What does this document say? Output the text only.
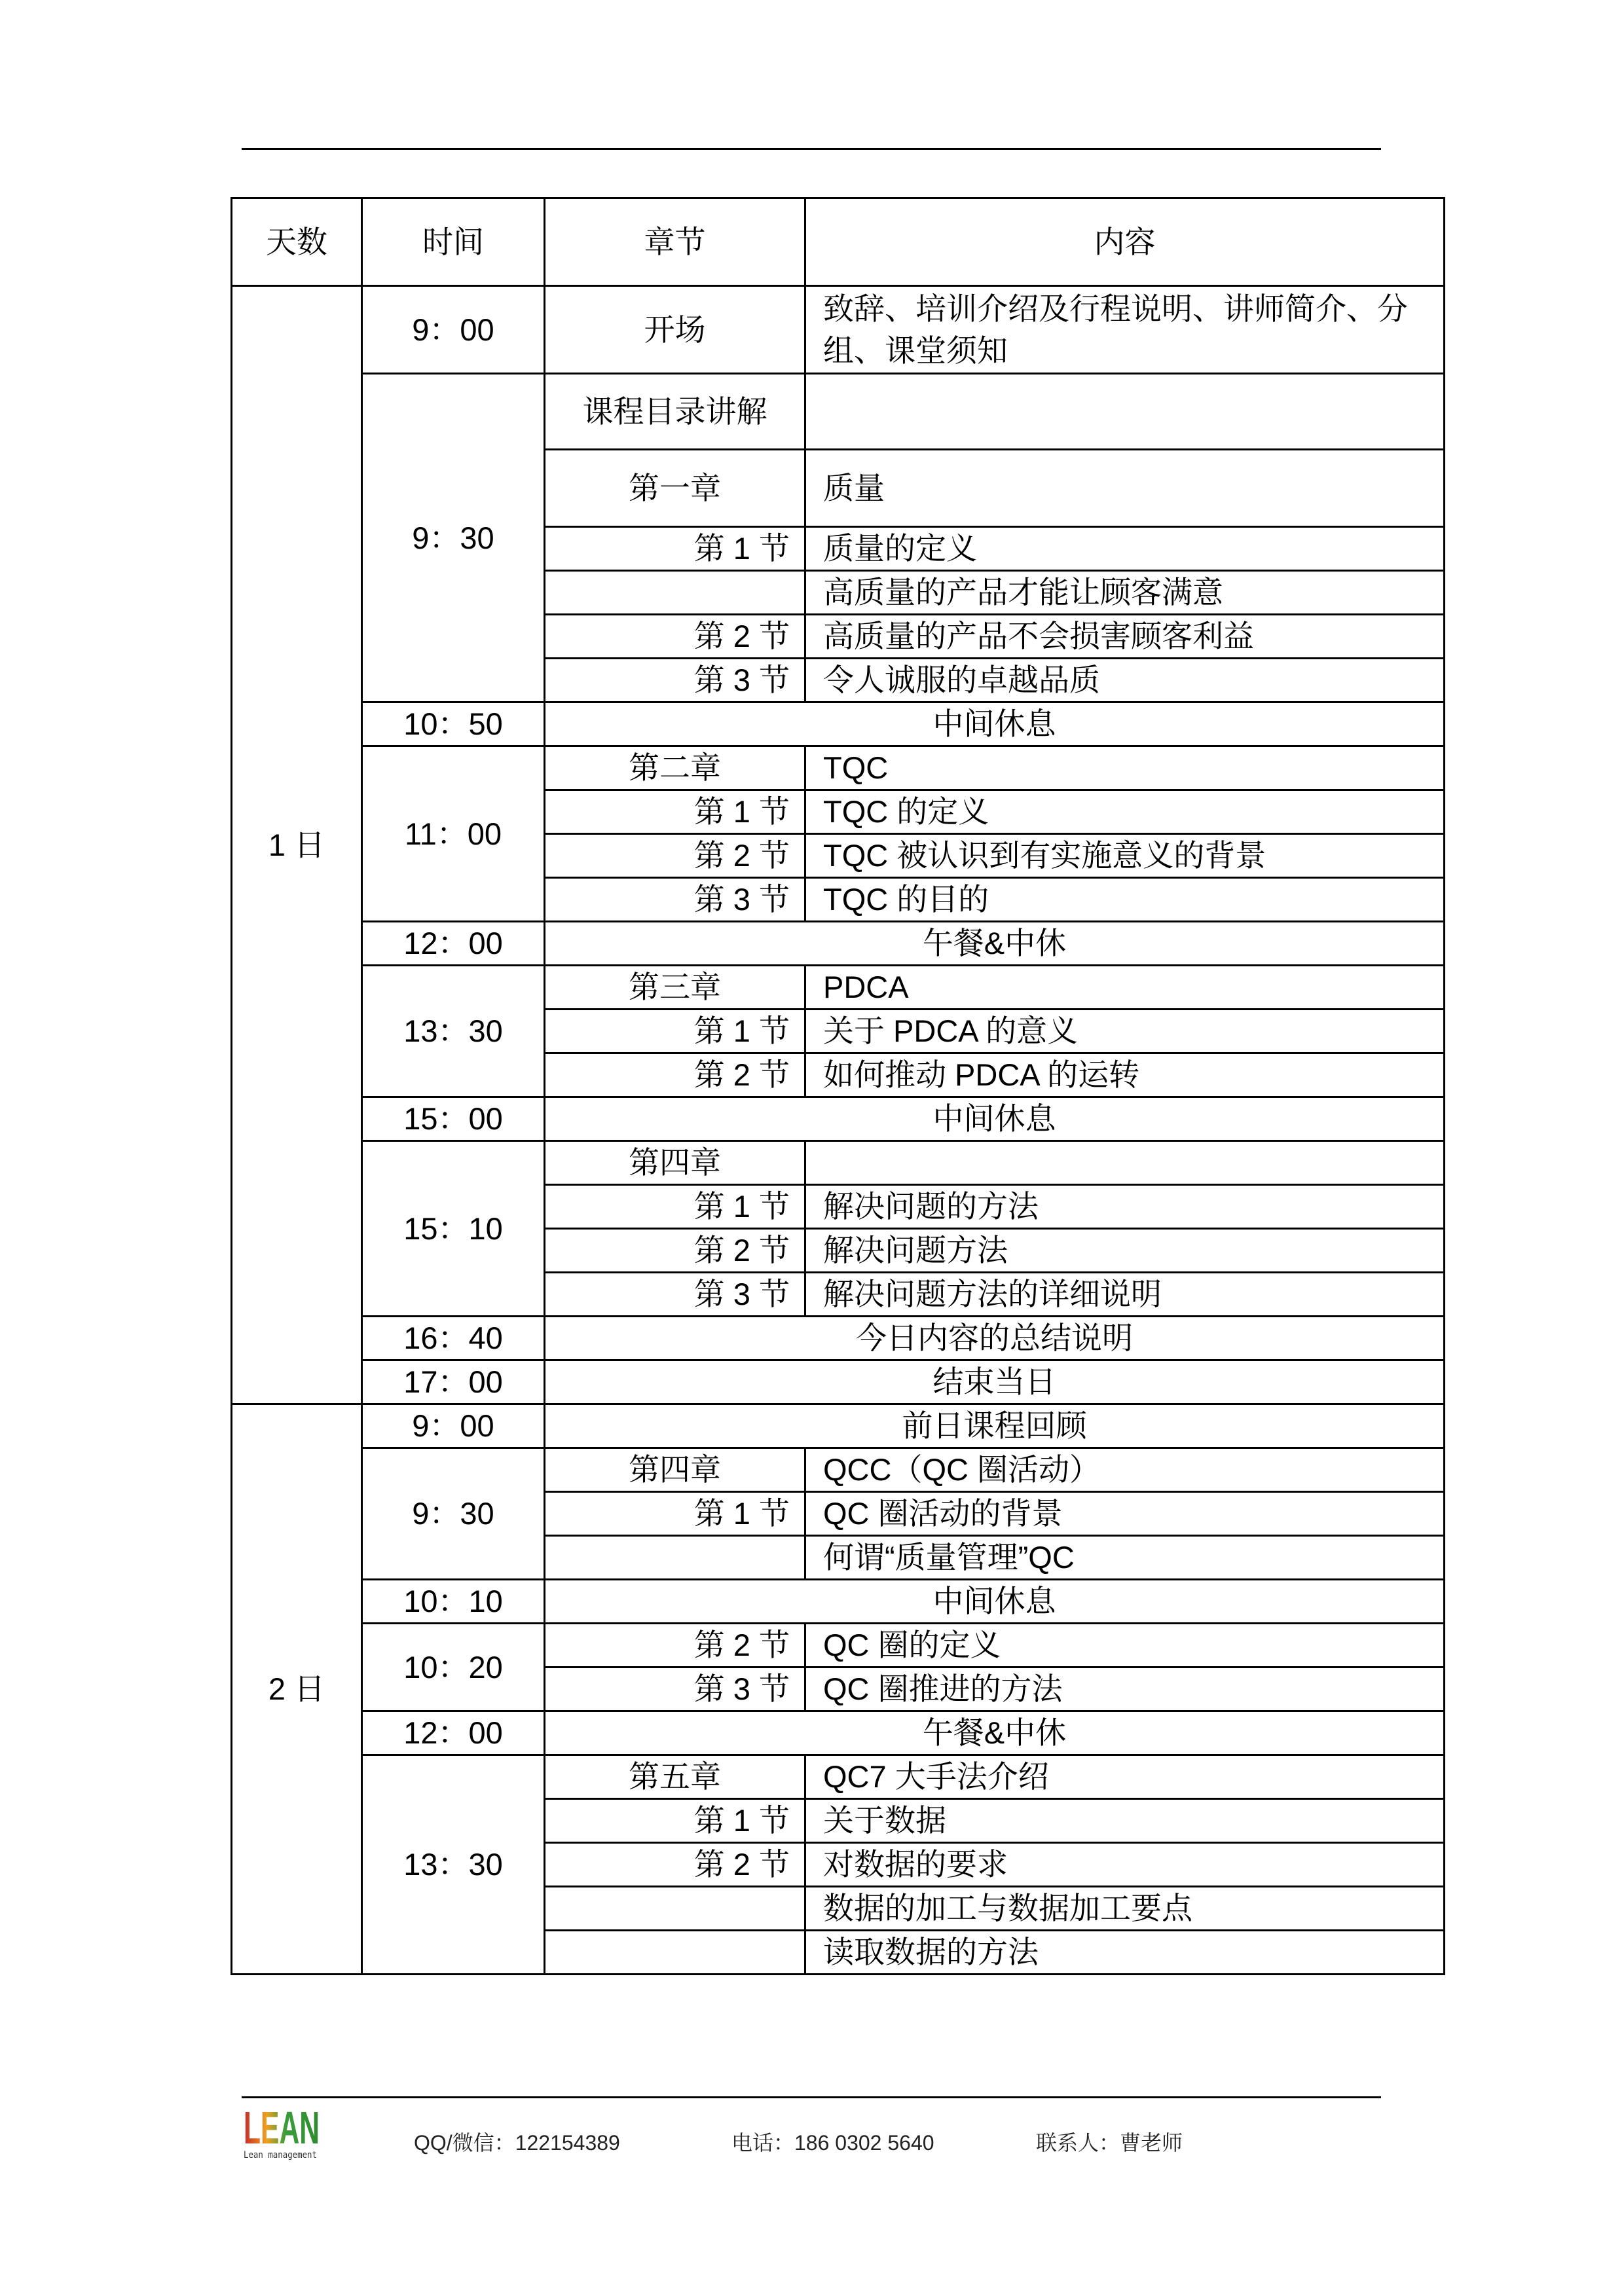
天数	时间	章节	内容
1 日	9：00	开场	致辞、培训介绍及行程说明、讲师简介、分组、课堂须知
	9：30	课程目录讲解	
		第一章	质量
		第 1 节	质量的定义
			高质量的产品才能让顾客满意
		第 2 节	高质量的产品不会损害顾客利益
		第 3 节	令人诚服的卓越品质
	10：50	中间休息	
	11：00	第二章	TQC
		第 1 节	TQC 的定义
		第 2 节	TQC 被认识到有实施意义的背景
		第 3 节	TQC 的目的
	12：00	午餐&中休	
	13：30	第三章	PDCA
		第 1 节	关于 PDCA 的意义
		第 2 节	如何推动 PDCA 的运转
	15：00	中间休息	
	15：10	第四章	
		第 1 节	解决问题的方法
		第 2 节	解决问题方法
		第 3 节	解决问题方法的详细说明
	16：40	今日内容的总结说明	
	17：00	结束当日	
2 日	9：00	前日课程回顾	
	9：30	第四章	QCC（QC 圈活动）
		第 1 节	QC 圈活动的背景
			何谓“质量管理”QC
	10：10	中间休息	
	10：20	第 2 节	QC 圈的定义
		第 3 节	QC 圈推进的方法
	12：00	午餐&中休	
	13：30	第五章	QC7 大手法介绍
		第 1 节	关于数据
		第 2 节	对数据的要求
			数据的加工与数据加工要点
			读取数据的方法
LEAN
Lean management
QQ/微信：122154389	电话：186 0302 5640	联系人：曹老师
